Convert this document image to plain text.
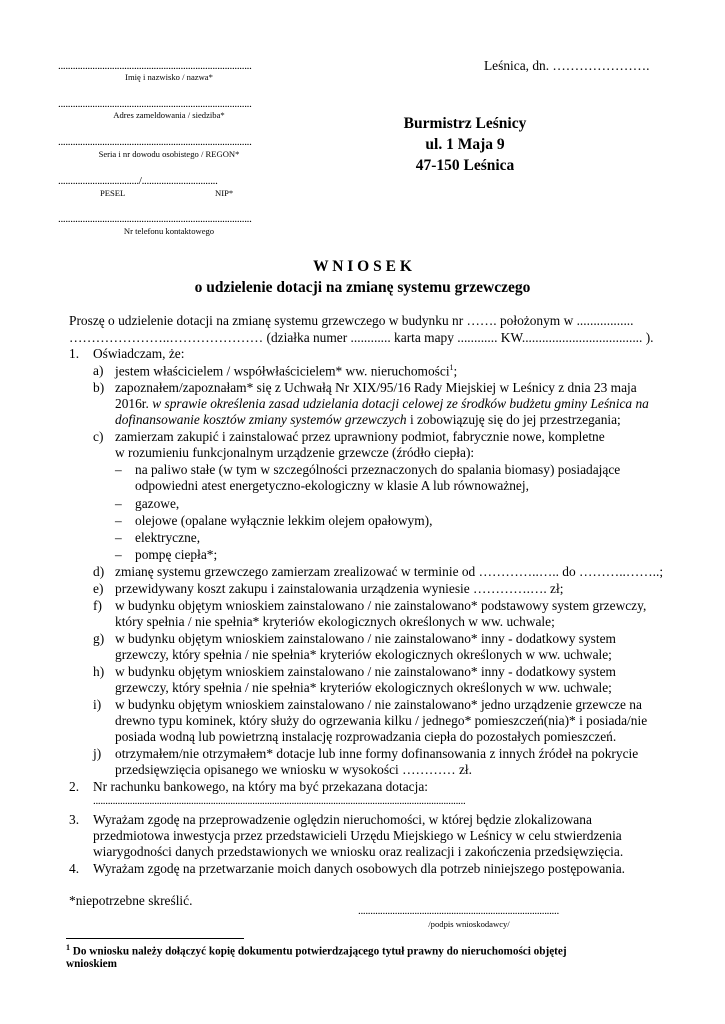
...............................................................................
Imię i nazwisko / nazwa*
...............................................................................
Adres zameldowania / siedziba*
...............................................................................
Seria i nr dowodu osobistego / REGON*
................................./...............................
PESEL	NIP*
...............................................................................
Nr telefonu kontaktowego
Leśnica, dn. ………………….
Burmistrz Leśnicy
ul. 1 Maja 9
47-150 Leśnica
W N I O S E K
o udzielenie dotacji na zmianę systemu grzewczego
Proszę o udzielenie dotacji na zmianę systemu grzewczego w budynku nr ……. położonym w .................
…………………..………………… (działka numer ............ karta mapy ............ KW.................................... ).
1. Oświadczam, że:
a) jestem właścicielem / współwłaścicielem* ww. nieruchomości$^1$;
b) zapoznałem/zapoznałam* się z Uchwałą Nr XIX/95/16 Rady Miejskiej w Leśnicy z dnia 23 maja
2016r. w sprawie określenia zasad udzielania dotacji celowej ze środków budżetu gminy Leśnica na
dofinansowanie kosztów zmiany systemów grzewczych i zobowiązuję się do jej przestrzegania;
c) zamierzam zakupić i zainstalować przez uprawniony podmiot, fabrycznie nowe, kompletne
w rozumieniu funkcjonalnym urządzenie grzewcze (źródło ciepła):
– na paliwo stałe (w tym w szczególności przeznaczonych do spalania biomasy) posiadające
odpowiedni atest energetyczno-ekologiczny w klasie A lub równoważnej,
– gazowe,
– olejowe (opalane wyłącznie lekkim olejem opałowym),
– elektryczne,
– pompę ciepła*;
d) zmianę systemu grzewczego zamierzam zrealizować w terminie od …………..….. do ………..……..;
e) przewidywany koszt zakupu i zainstalowania urządzenia wyniesie ………….…. zł;
f) w budynku objętym wnioskiem zainstalowano / nie zainstalowano* podstawowy system grzewczy,
który spełnia / nie spełnia* kryteriów ekologicznych określonych w ww. uchwale;
g) w budynku objętym wnioskiem zainstalowano / nie zainstalowano* inny - dodatkowy system
grzewczy, który spełnia / nie spełnia* kryteriów ekologicznych określonych w ww. uchwale;
h) w budynku objętym wnioskiem zainstalowano / nie zainstalowano* inny - dodatkowy system
grzewczy, który spełnia / nie spełnia* kryteriów ekologicznych określonych w ww. uchwale;
i) w budynku objętym wnioskiem zainstalowano / nie zainstalowano* jedno urządzenie grzewcze na
drewno typu kominek, który służy do ogrzewania kilku / jednego* pomieszczeń(nia)* i posiada/nie
posiada wodną lub powietrzną instalację rozprowadzania ciepła do pozostałych pomieszczeń.
j) otrzymałem/nie otrzymałem* dotacje lub inne formy dofinansowania z innych źródeł na pokrycie
przedsięwzięcia opisanego we wniosku w wysokości ………… zł.
2. Nr rachunku bankowego, na który ma być przekazana dotacja:
........................................................................................................................................................
3. Wyrażam zgodę na przeprowadzenie oględzin nieruchomości, w której będzie zlokalizowana
przedmiotowa inwestycja przez przedstawicieli Urzędu Miejskiego w Leśnicy w celu stwierdzenia
wiarygodności danych przedstawionych we wniosku oraz realizacji i zakończenia przedsięwzięcia.
4. Wyrażam zgodę na przetwarzanie moich danych osobowych dla potrzeb niniejszego postępowania.
*niepotrzebne skreślić.
..................................................................................
/podpis wnioskodawcy/
$^1$ Do wniosku należy dołączyć kopię dokumentu potwierdzającego tytuł prawny do nieruchomości objętej
wnioskiem
